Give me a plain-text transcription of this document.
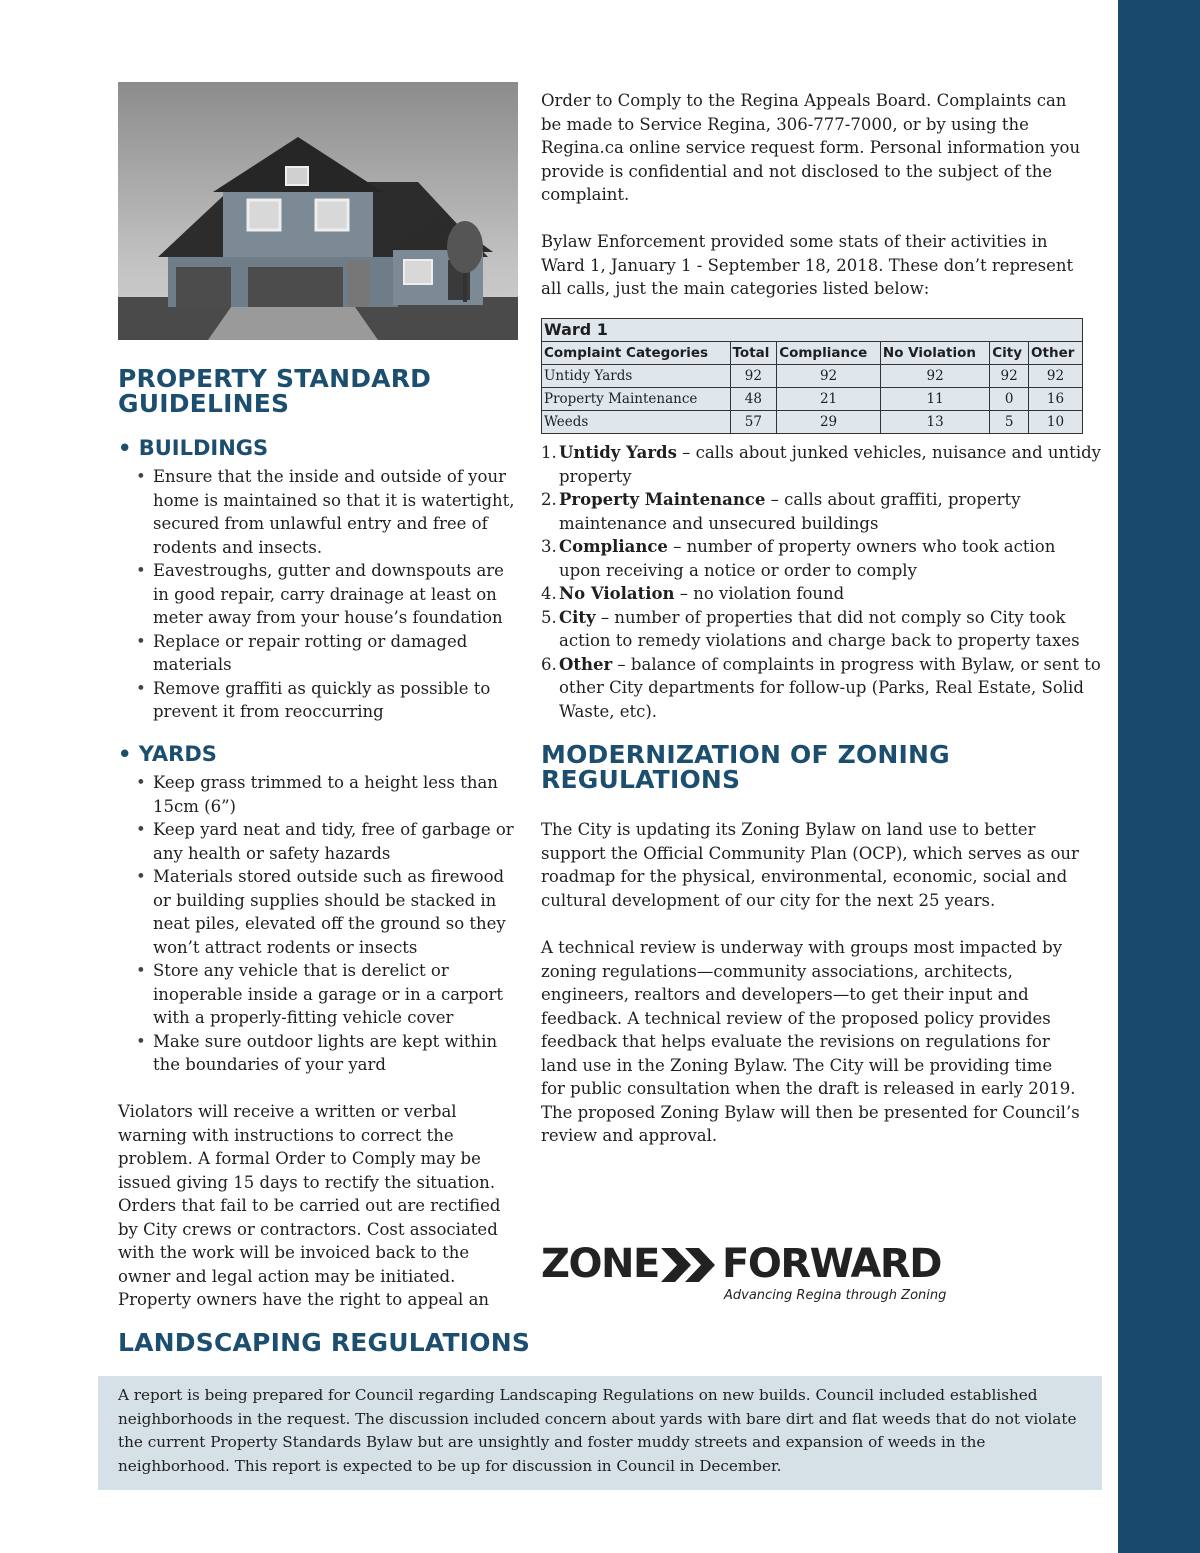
PROPERTY STANDARD
GUIDELINES
• BUILDINGS
• Ensure that the inside and outside of your home is maintained so that it is watertight, secured from unlawful entry and free of rodents and insects.
• Eavestroughs, gutter and downspouts are in good repair, carry drainage at least on meter away from your house’s foundation
• Replace or repair rotting or damaged materials
• Remove graffiti as quickly as possible to prevent it from reoccurring
• YARDS
• Keep grass trimmed to a height less than 15cm (6”)
• Keep yard neat and tidy, free of garbage or any health or safety hazards
• Materials stored outside such as firewood or building supplies should be stacked in neat piles, elevated off the ground so they won’t attract rodents or insects
• Store any vehicle that is derelict or inoperable inside a garage or in a carport with a properly-fitting vehicle cover
• Make sure outdoor lights are kept within the boundaries of your yard

Violators will receive a written or verbal warning with instructions to correct the problem. A formal Order to Comply may be issued giving 15 days to rectify the situation. Orders that fail to be carried out are rectified by City crews or contractors. Cost associated with the work will be invoiced back to the owner and legal action may be initiated. Property owners have the right to appeal an

Order to Comply to the Regina Appeals Board. Complaints can be made to Service Regina, 306-777-7000, or by using the Regina.ca online service request form. Personal information you provide is confidential and not disclosed to the subject of the complaint.

Bylaw Enforcement provided some stats of their activities in Ward 1, January 1 - September 18, 2018. These don’t represent all calls, just the main categories listed below:

Ward 1					
Complaint Categories	Total	Compliance	No Violation	City	Other
Untidy Yards	92	92	92	92	92
Property Maintenance	48	21	11	0	16
Weeds	57	29	13	5	10
1. Untidy Yards – calls about junked vehicles, nuisance and untidy property
2. Property Maintenance – calls about graffiti, property maintenance and unsecured buildings
3. Compliance – number of property owners who took action upon receiving a notice or order to comply
4. No Violation – no violation found
5. City – number of properties that did not comply so City took action to remedy violations and charge back to property taxes
6. Other – balance of complaints in progress with Bylaw, or sent to other City departments for follow-up (Parks, Real Estate, Solid Waste, etc).
MODERNIZATION OF ZONING
REGULATIONS

The City is updating its Zoning Bylaw on land use to better support the Official Community Plan (OCP), which serves as our roadmap for the physical, environmental, economic, social and cultural development of our city for the next 25 years.

A technical review is underway with groups most impacted by zoning regulations—community associations, architects, engineers, realtors and developers—to get their input and feedback. A technical review of the proposed policy provides feedback that helps evaluate the revisions on regulations for land use in the Zoning Bylaw. The City will be providing time for public consultation when the draft is released in early 2019. The proposed Zoning Bylaw will then be presented for Council’s review and approval.

ZONE FORWARD
Advancing Regina through Zoning
LANDSCAPING REGULATIONS

A report is being prepared for Council regarding Landscaping Regulations on new builds. Council included established neighborhoods in the request. The discussion included concern about yards with bare dirt and flat weeds that do not violate the current Property Standards Bylaw but are unsightly and foster muddy streets and expansion of weeds in the neighborhood. This report is expected to be up for discussion in Council in December.
